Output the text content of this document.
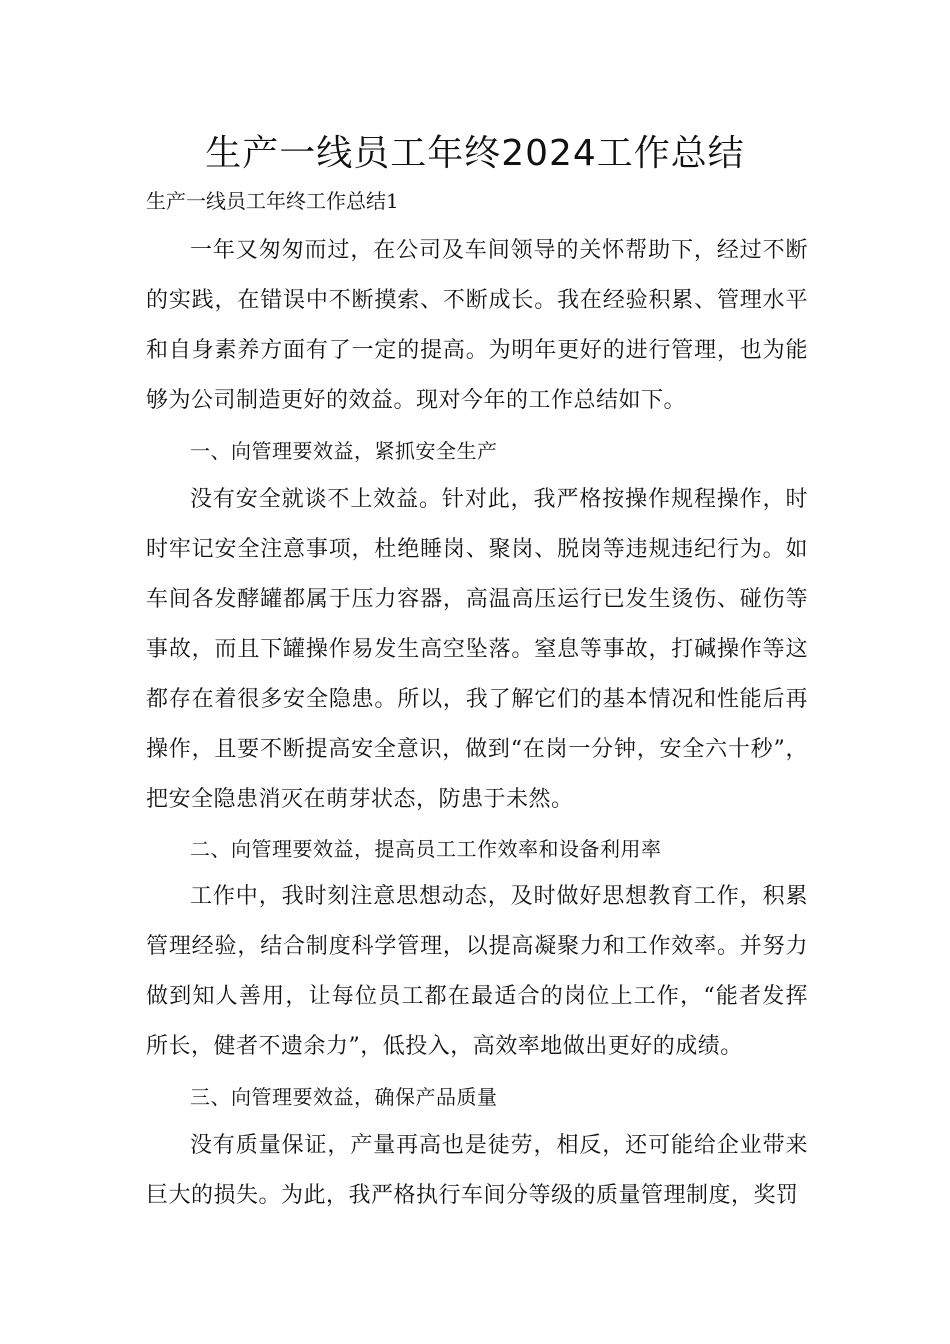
生产一线员工年终2024工作总结

生产一线员工年终工作总结1

一年又匆匆而过，在公司及车间领导的关怀帮助下，经过不断的实践，在错误中不断摸索、不断成长。我在经验积累、管理水平和自身素养方面有了一定的提高。为明年更好的进行管理，也为能够为公司制造更好的效益。现对今年的工作总结如下。

一、向管理要效益，紧抓安全生产

没有安全就谈不上效益。针对此，我严格按操作规程操作，时时牢记安全注意事项，杜绝睡岗、聚岗、脱岗等违规违纪行为。如车间各发酵罐都属于压力容器，高温高压运行已发生烫伤、碰伤等事故，而且下罐操作易发生高空坠落。窒息等事故，打碱操作等这都存在着很多安全隐患。所以，我了解它们的基本情况和性能后再操作，且要不断提高安全意识，做到“在岗一分钟，安全六十秒”，把安全隐患消灭在萌芽状态，防患于未然。

二、向管理要效益，提高员工工作效率和设备利用率

工作中，我时刻注意思想动态，及时做好思想教育工作，积累管理经验，结合制度科学管理，以提高凝聚力和工作效率。并努力做到知人善用，让每位员工都在最适合的岗位上工作，“能者发挥所长，健者不遗余力”，低投入，高效率地做出更好的成绩。

三、向管理要效益，确保产品质量

没有质量保证，产量再高也是徒劳，相反，还可能给企业带来巨大的损失。为此，我严格执行车间分等级的质量管理制度，奖罚
